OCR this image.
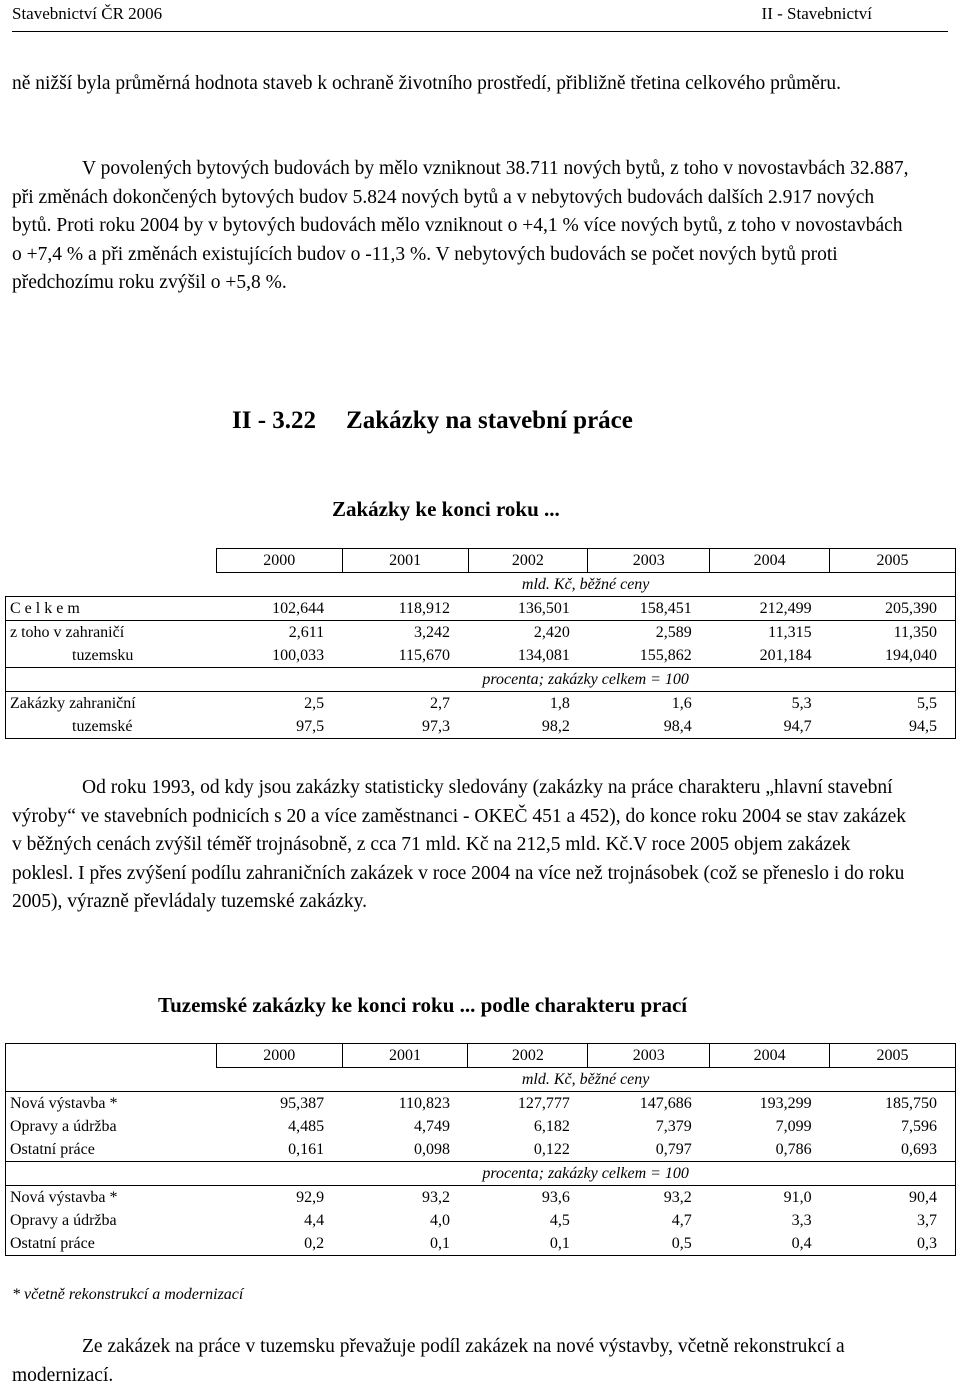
Stavebnictví ČR 2006	II - Stavebnictví

ně nižší byla průměrná hodnota staveb k ochraně životního prostředí, přibližně třetina celkového průměru.

V povolených bytových budovách by mělo vzniknout 38.711 nových bytů, z toho v novostavbách 32.887, při změnách dokončených bytových budov 5.824 nových bytů a v nebytových budovách dalších 2.917 nových bytů. Proti roku 2004 by v bytových budovách mělo vzniknout o +4,1 % více nových bytů, z toho v novostavbách o +7,4 % a při změnách existujících budov o -11,3 %. V nebytových budovách se počet nových bytů proti předchozímu roku zvýšil o +5,8 %.

II - 3.22 Zakázky na stavební práce
Zakázky ke konci roku ...
	2000	2001	2002	2003	2004	2005
	mld. Kč, běžné ceny					
C e l k e m	102,644	118,912	136,501	158,451	212,499	205,390
z toho v zahraničí	2,611	3,242	2,420	2,589	11,315	11,350
tuzemsku	100,033	115,670	134,081	155,862	201,184	194,040
	procenta; zakázky celkem = 100					
Zakázky zahraniční	2,5	2,7	1,8	1,6	5,3	5,5
tuzemské	97,5	97,3	98,2	98,4	94,7	94,5

Od roku 1993, od kdy jsou zakázky statisticky sledovány (zakázky na práce charakteru „hlavní stavební výroby“ ve stavebních podnicích s 20 a více zaměstnanci - OKEČ 451 a 452), do konce roku 2004 se stav zakázek v běžných cenách zvýšil téměř trojnásobně, z cca 71 mld. Kč na 212,5 mld. Kč.V roce 2005 objem zakázek poklesl. I přes zvýšení podílu zahraničních zakázek v roce 2004 na více než trojnásobek (což se přeneslo i do roku 2005), výrazně převládaly tuzemské zakázky.

Tuzemské zakázky ke konci roku ... podle charakteru prací
	2000	2001	2002	2003	2004	2005
	mld. Kč, běžné ceny					
Nová výstavba *	95,387	110,823	127,777	147,686	193,299	185,750
Opravy a údržba	4,485	4,749	6,182	7,379	7,099	7,596
Ostatní práce	0,161	0,098	0,122	0,797	0,786	0,693
	procenta; zakázky celkem = 100					
Nová výstavba *	92,9	93,2	93,6	93,2	91,0	90,4
Opravy a údržba	4,4	4,0	4,5	4,7	3,3	3,7
Ostatní práce	0,2	0,1	0,1	0,5	0,4	0,3
* včetně rekonstrukcí a modernizací

Ze zakázek na práce v tuzemsku převažuje podíl zakázek na nové výstavby, včetně rekonstrukcí a modernizací.
